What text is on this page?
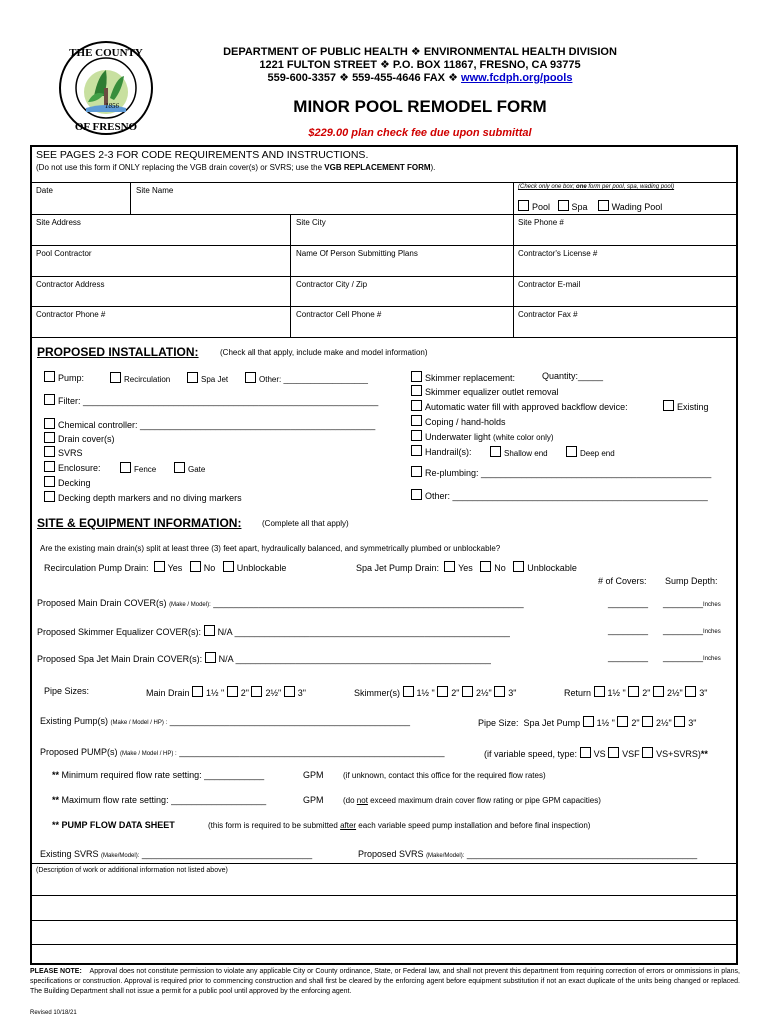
THE COUNTY
OF FRESNO
1856
DEPARTMENT OF PUBLIC HEALTH ❖ ENVIRONMENTAL HEALTH DIVISION
1221 FULTON STREET ❖ P.O. BOX 11867, FRESNO, CA 93775
559-600-3357 ❖ 559-455-4646 FAX ❖ www.fcdph.org/pools
MINOR POOL REMODEL FORM
$229.00 plan check fee due upon submittal
SEE PAGES 2-3 FOR CODE REQUIREMENTS AND INSTRUCTIONS.
(Do not use this form if ONLY replacing the VGB drain cover(s) or SVRS; use the VGB REPLACEMENT FORM).
Date	Site Name	(Check only one box; one form per pool, spa, wading pool)
Pool Spa	Wading Pool
Site Address	Site City	Site Phone #
Pool Contractor	Name Of Person Submitting Plans	Contractor's License #
Contractor Address	Contractor City / Zip	Contractor E-mail
Contractor Phone #	Contractor Cell Phone #	Contractor Fax #
PROPOSED INSTALLATION:	(Check all that apply, include make and model information)
Pump:	Recirculation	Spa Jet	Other: ___________________
Filter: ___________________________________________________________
Chemical controller: _______________________________________________
Drain cover(s)
SVRS
Enclosure:	Fence	Gate
Decking
Decking depth markers and no diving markers
Skimmer replacement:	Quantity:_____
Skimmer equalizer outlet removal
Automatic water fill with approved backflow device:	Existing
Coping / hand-holds
Underwater light (white color only)
Handrail(s):	Shallow end	Deep end
Re-plumbing: ______________________________________________
Other: ___________________________________________________
SITE & EQUIPMENT INFORMATION:	(Complete all that apply)
Are the existing main drain(s) split at least three (3) feet apart, hydraulically balanced, and symmetrically plumbed or unblockable?
Recirculation Pump Drain: Yes No Unblockable	Spa Jet Pump Drain: Yes No Unblockable
# of Covers: Sump Depth:
Proposed Main Drain COVER(s) (Make / Model): ______________________________________________________________	________ ________Inches
Proposed Skimmer Equalizer COVER(s): N/A _______________________________________________________	________ ________Inches
Proposed Spa Jet Main Drain COVER(s): N/A ___________________________________________________	________ ________Inches
Pipe Sizes:	Main Drain 1½ " 2" 2½" 3"	Skimmer(s) 1½ " 2" 2½" 3"	Return 1½ " 2" 2½" 3"
Existing Pump(s) (Make / Model / HP) : ________________________________________________	Pipe Size: Spa Jet Pump 1½ " 2" 2½" 3"
Proposed PUMP(s) (Make / Model / HP) : _____________________________________________________	(if variable speed, type: VS VSF VS+SVRS)**
** Minimum required flow rate setting: ____________	GPM (if unknown, contact this office for the required flow rates)
** Maximum flow rate setting: ___________________	GPM (do not exceed maximum drain cover flow rating or pipe GPM capacities)
** PUMP FLOW DATA SHEET	(this form is required to be submitted after each variable speed pump installation and before final inspection)
Existing SVRS (Make/Model): __________________________________	Proposed SVRS (Make/Model): ______________________________________________
(Description of work or additional information not listed above)
PLEASE NOTE: Approval does not constitute permission to violate any applicable City or County ordinance, State, or Federal law, and shall not prevent this department from requiring correction of errors or ommissions in plans, specifications or construction. Approval is required prior to commencing construction and shall first be cleared by the enforcing agent before equipment substitution if not an exact duplicate of the units being changed or replaced. The Building Department shall not issue a permit for a public pool until approved by the enforcing agent.
Revised 10/18/21
